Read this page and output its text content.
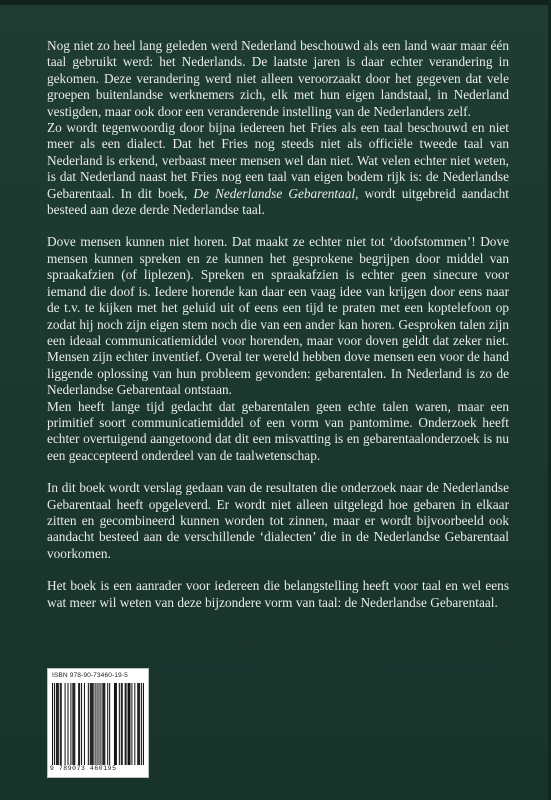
Nog niet zo heel lang geleden werd Nederland beschouwd als een land waar maar één taal gebruikt werd: het Nederlands. De laatste jaren is daar echter verandering in gekomen. Deze verandering werd niet alleen veroorzaakt door het gegeven dat vele groepen buitenlandse werknemers zich, elk met hun eigen landstaal, in Nederland vestigden, maar ook door een veranderende instelling van de Nederlanders zelf.

Zo wordt tegenwoordig door bijna iedereen het Fries als een taal beschouwd en niet meer als een dialect. Dat het Fries nog steeds niet als officiële tweede taal van Nederland is erkend, verbaast meer mensen wel dan niet. Wat velen echter niet weten, is dat Nederland naast het Fries nog een taal van eigen bodem rijk is: de Nederlandse Gebarentaal. In dit boek, De Nederlandse Gebarentaal, wordt uitgebreid aandacht besteed aan deze derde Nederlandse taal.

Dove mensen kunnen niet horen. Dat maakt ze echter niet tot ‘doofstommen’! Dove mensen kunnen spreken en ze kunnen het gesprokene begrijpen door middel van spraakafzien (of liplezen). Spreken en spraakafzien is echter geen sinecure voor iemand die doof is. Iedere horende kan daar een vaag idee van krijgen door eens naar de t.v. te kijken met het geluid uit of eens een tijd te praten met een koptelefoon op zodat hij noch zijn eigen stem noch die van een ander kan horen. Gesproken talen zijn een ideaal communicatiemiddel voor horenden, maar voor doven geldt dat zeker niet. Mensen zijn echter inventief. Overal ter wereld hebben dove mensen een voor de hand liggende oplossing van hun probleem gevonden: gebarentalen. In Nederland is zo de Nederlandse Gebarentaal ontstaan.

Men heeft lange tijd gedacht dat gebarentalen geen echte talen waren, maar een primitief soort communicatiemiddel of een vorm van pantomime. Onderzoek heeft echter overtuigend aangetoond dat dit een misvatting is en gebarentaalonderzoek is nu een geaccepteerd onderdeel van de taalwetenschap.

In dit boek wordt verslag gedaan van de resultaten die onderzoek naar de Nederlandse Gebarentaal heeft opgeleverd. Er wordt niet alleen uitgelegd hoe gebaren in elkaar zitten en gecombineerd kunnen worden tot zinnen, maar er wordt bijvoorbeeld ook aandacht besteed aan de verschillende ‘dialecten’ die in de Nederlandse Gebarentaal voorkomen.

Het boek is een aanrader voor iedereen die belangstelling heeft voor taal en wel eens wat meer wil weten van deze bijzondere vorm van taal: de Nederlandse Gebarentaal.

ISBN 978-90-73460-19-5
9 789073 460195
